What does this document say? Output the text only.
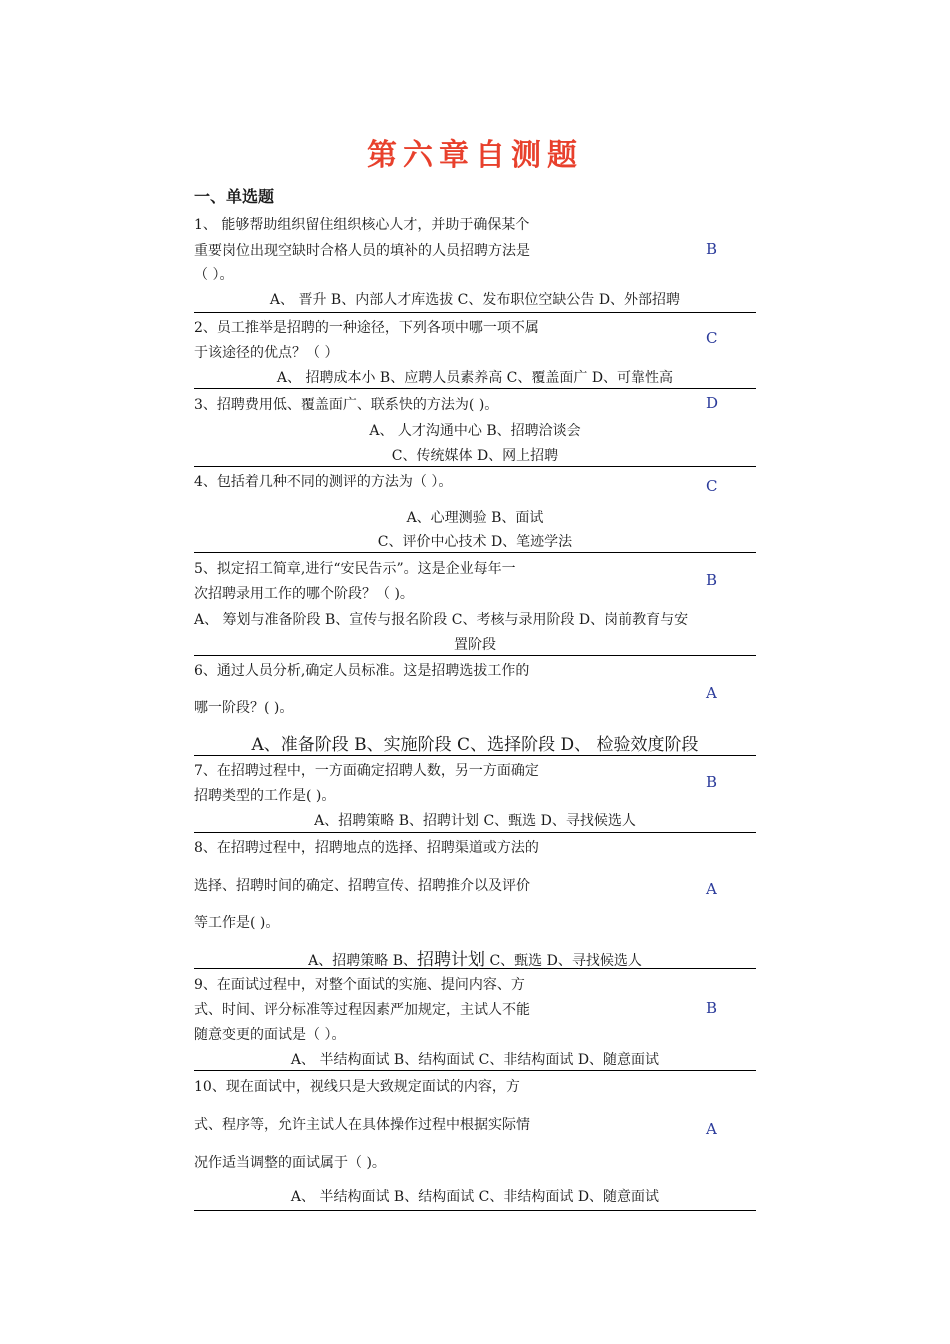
第六章自测题
一、单选题
1、 能够帮助组织留住组织核心人才，并助于确保某个
重要岗位出现空缺时合格人员的填补的人员招聘方法是
（ ）。
A、 晋升 B、内部人才库选拔 C、发布职位空缺公告 D、外部招聘
B
2、员工推举是招聘的一种途径，下列各项中哪一项不属
于该途径的优点？（ ）
A、 招聘成本小 B、应聘人员素养高 C、覆盖面广 D、可靠性高
C
3、招聘费用低、覆盖面广、联系快的方法为( )。
A、 人才沟通中心 B、招聘洽谈会
C、传统媒体 D、网上招聘
D
4、包括着几种不同的测评的方法为（ ）。
A、心理测验 B、面试
C、评价中心技术 D、笔迹学法
C
5、拟定招工简章,进行“安民告示”。这是企业每年一
次招聘录用工作的哪个阶段？（ )。
A、 筹划与准备阶段 B、宣传与报名阶段 C、考核与录用阶段 D、岗前教育与安
置阶段
B
6、通过人员分析,确定人员标准。这是招聘选拔工作的
哪一阶段？( )。
A、准备阶段 B、实施阶段 C、选择阶段 D、 检验效度阶段
A
7、在招聘过程中，一方面确定招聘人数，另一方面确定
招聘类型的工作是( )。
A、招聘策略 B、招聘计划 C、甄选 D、寻找候选人
B
8、在招聘过程中，招聘地点的选择、招聘渠道或方法的
选择、招聘时间的确定、招聘宣传、招聘推介以及评价
等工作是( )。
A、招聘策略 B、招聘计划 C、甄选 D、寻找候选人
A
9、在面试过程中，对整个面试的实施、提问内容、方
式、时间、评分标准等过程因素严加规定，主试人不能
随意变更的面试是（ ）。
A、 半结构面试 B、结构面试 C、非结构面试 D、随意面试
B
10、现在面试中，视线只是大致规定面试的内容，方
式、程序等，允许主试人在具体操作过程中根据实际情
况作适当调整的面试属于（ )。
A、 半结构面试 B、结构面试 C、非结构面试 D、随意面试
A
